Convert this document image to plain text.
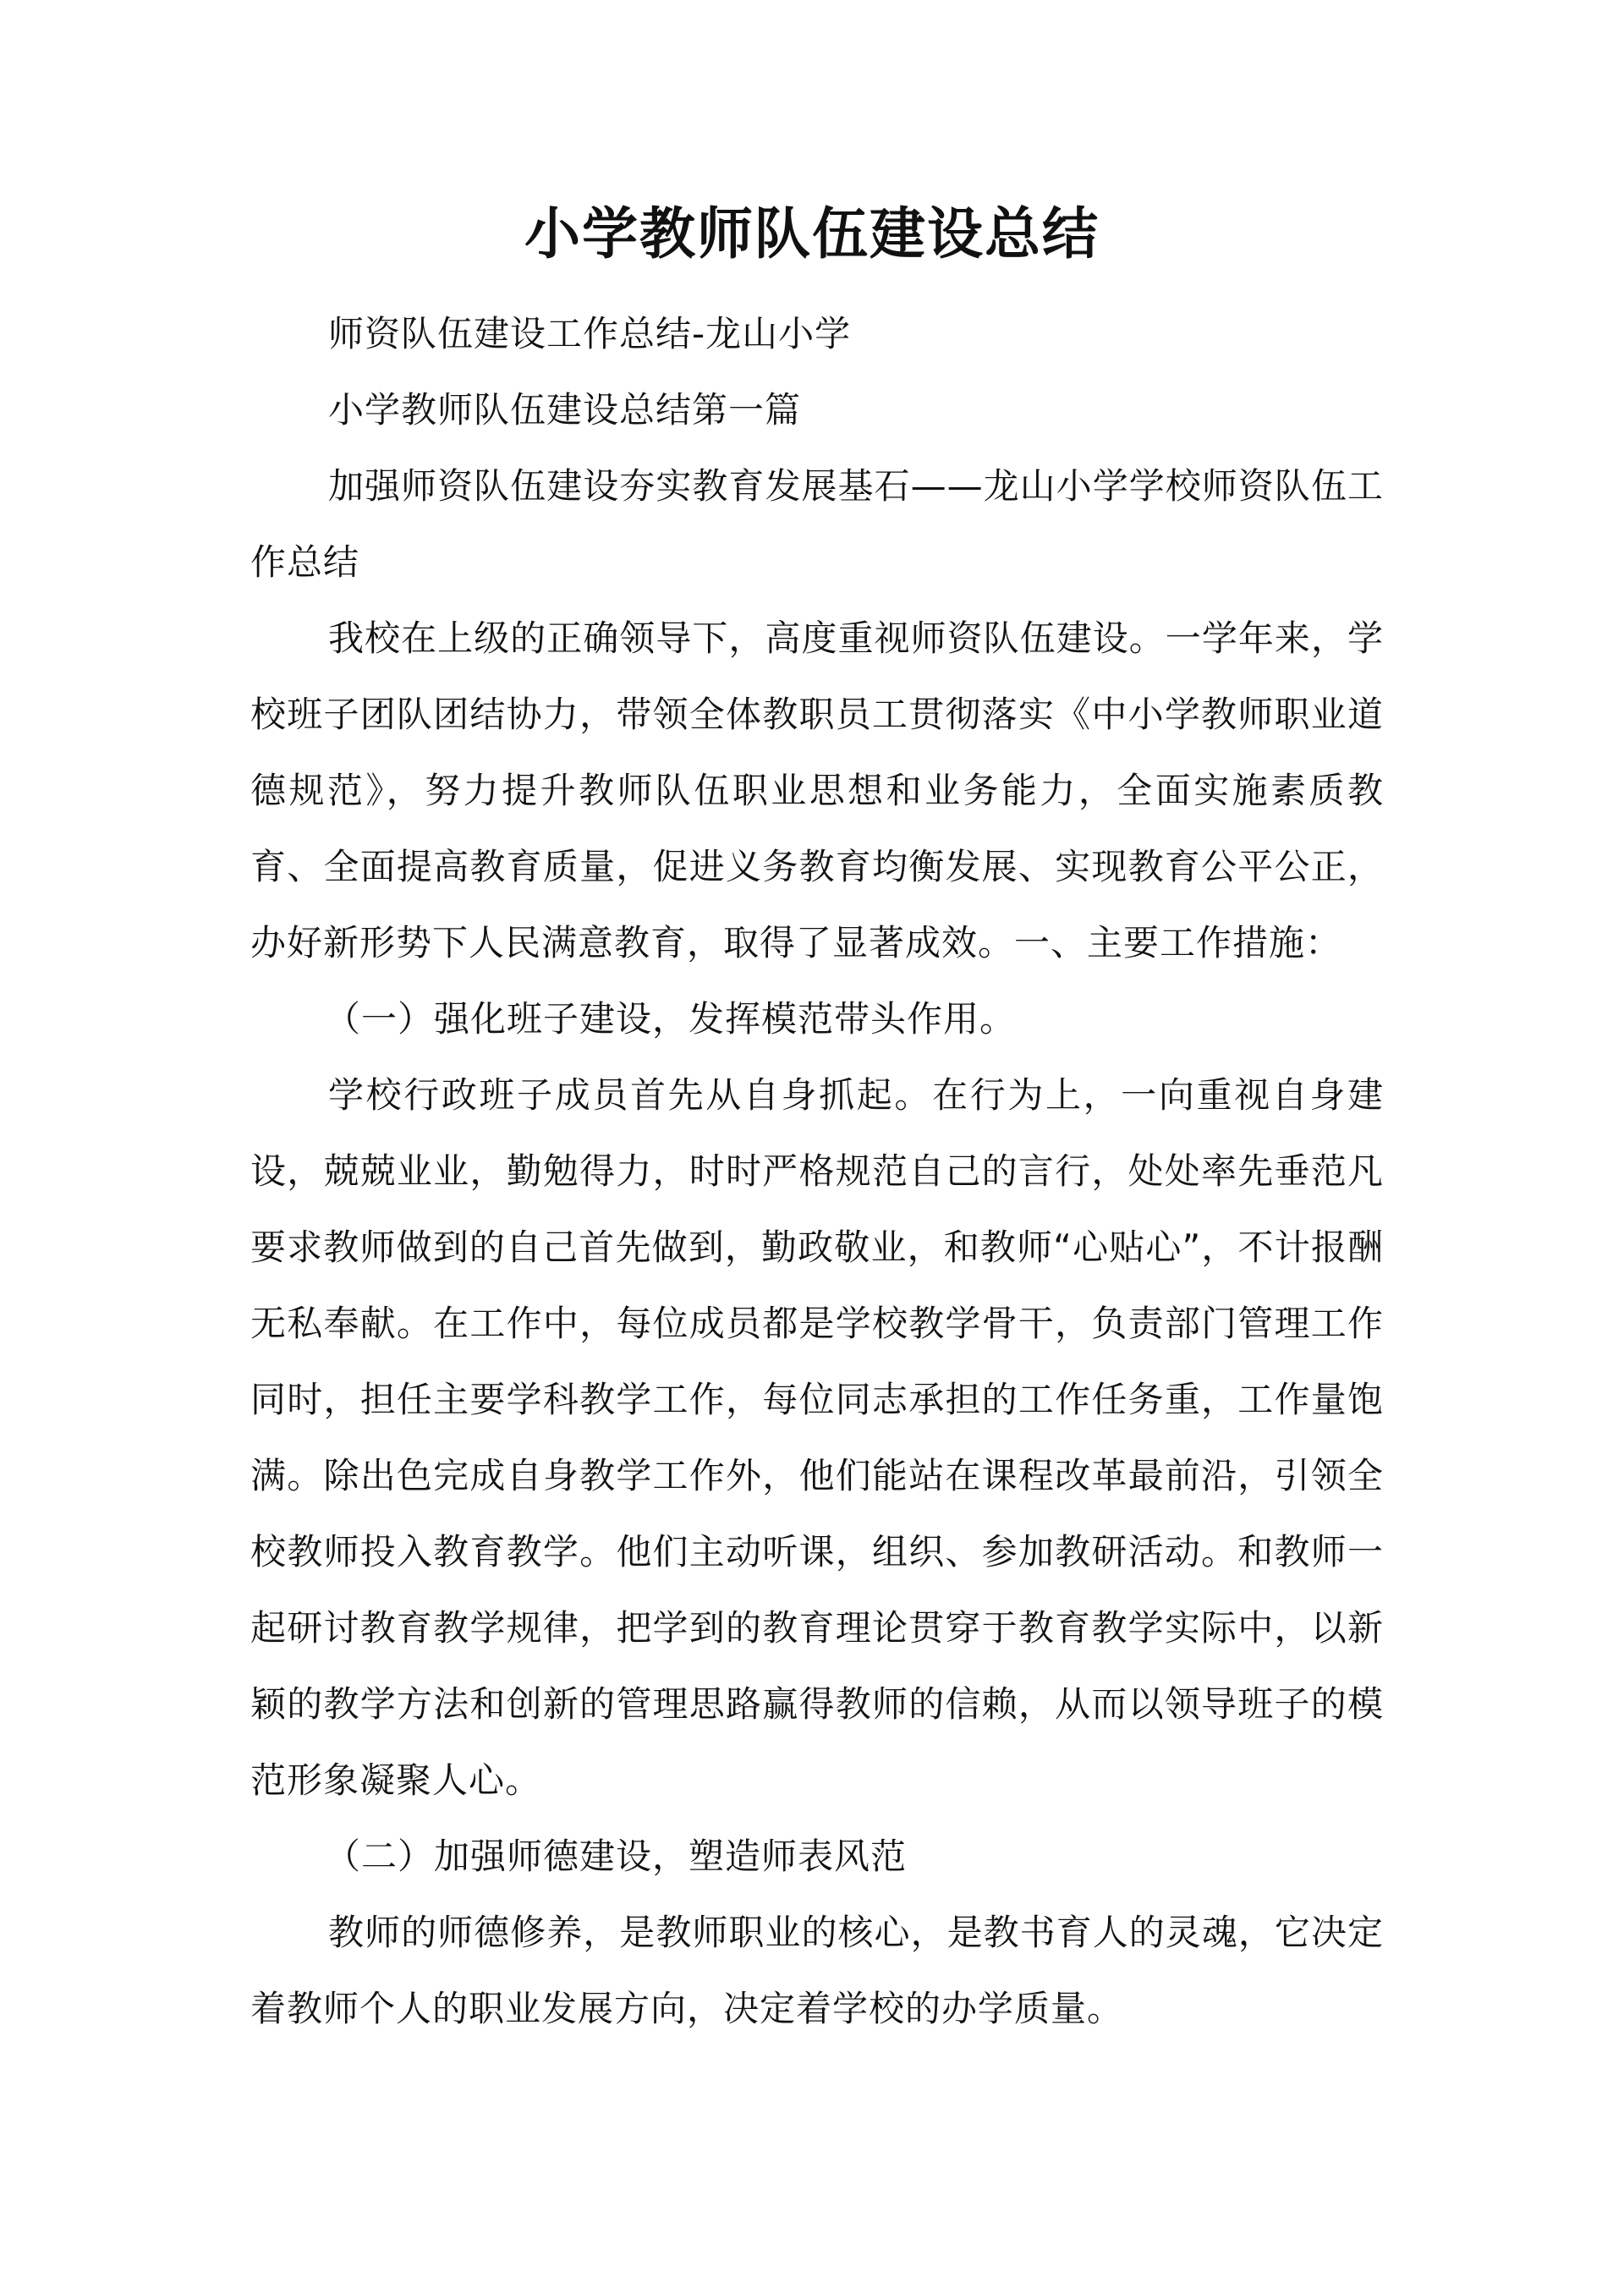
小学教师队伍建设总结

师资队伍建设工作总结-龙山小学

小学教师队伍建设总结第一篇

加强师资队伍建设夯实教育发展基石——龙山小学学校师资队伍工作总结

我校在上级的正确领导下，高度重视师资队伍建设。一学年来，学校班子团队团结协力，带领全体教职员工贯彻落实《中小学教师职业道德规范》，努力提升教师队伍职业思想和业务能力，全面实施素质教育、全面提高教育质量，促进义务教育均衡发展、实现教育公平公正，办好新形势下人民满意教育，取得了显著成效。一、主要工作措施：

（一）强化班子建设，发挥模范带头作用。

学校行政班子成员首先从自身抓起。在行为上，一向重视自身建设，兢兢业业，勤勉得力，时时严格规范自己的言行，处处率先垂范凡要求教师做到的自己首先做到，勤政敬业，和教师“心贴心”，不计报酬无私奉献。在工作中，每位成员都是学校教学骨干，负责部门管理工作同时，担任主要学科教学工作，每位同志承担的工作任务重，工作量饱满。除出色完成自身教学工作外，他们能站在课程改革最前沿，引领全校教师投入教育教学。他们主动听课，组织、参加教研活动。和教师一起研讨教育教学规律，把学到的教育理论贯穿于教育教学实际中，以新颖的教学方法和创新的管理思路赢得教师的信赖，从而以领导班子的模范形象凝聚人心。

（二）加强师德建设，塑造师表风范

教师的师德修养，是教师职业的核心，是教书育人的灵魂，它决定着教师个人的职业发展方向，决定着学校的办学质量。
